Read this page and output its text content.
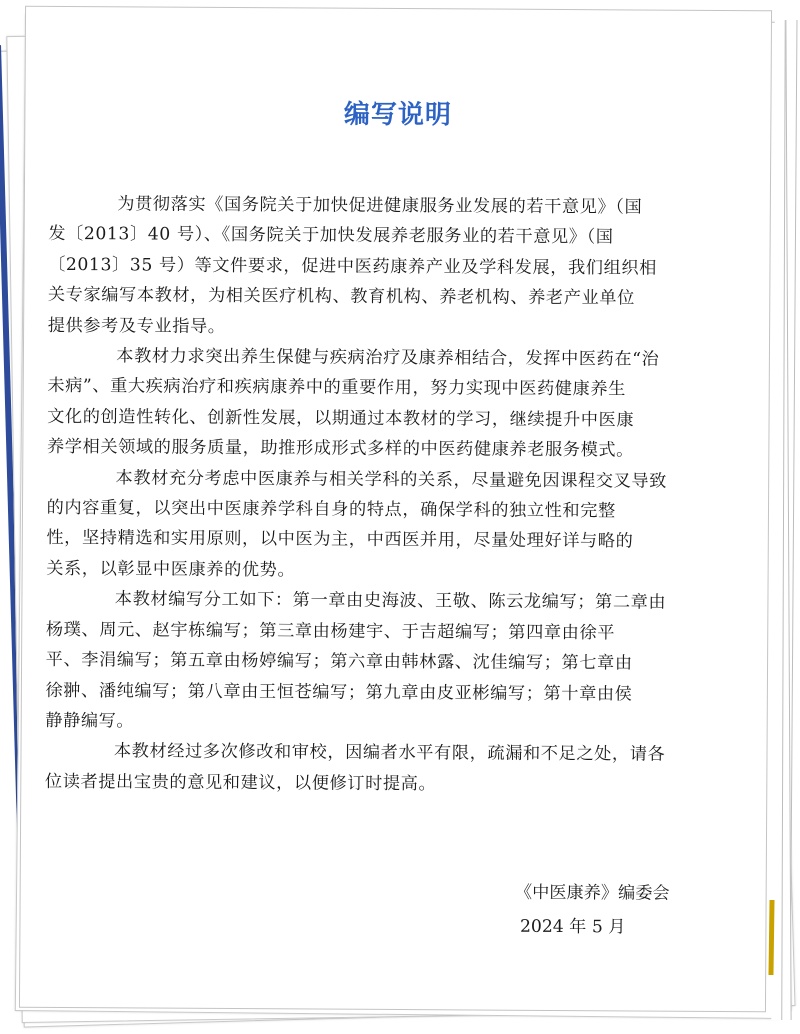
编写说明

为贯彻落实《国务院关于加快促进健康服务业发展的若干意见》（国
发〔2013〕40 号）、《国务院关于加快发展养老服务业的若干意见》（国
〔2013〕35 号）等文件要求，促进中医药康养产业及学科发展，我们组织相
关专家编写本教材，为相关医疗机构、教育机构、养老机构、养老产业单位
提供参考及专业指导。

本教材力求突出养生保健与疾病治疗及康养相结合，发挥中医药在“治
未病”、重大疾病治疗和疾病康养中的重要作用，努力实现中医药健康养生
文化的创造性转化、创新性发展，以期通过本教材的学习，继续提升中医康
养学相关领域的服务质量，助推形成形式多样的中医药健康养老服务模式。

本教材充分考虑中医康养与相关学科的关系，尽量避免因课程交叉导致
的内容重复，以突出中医康养学科自身的特点，确保学科的独立性和完整
性，坚持精选和实用原则，以中医为主，中西医并用，尽量处理好详与略的
关系，以彰显中医康养的优势。

本教材编写分工如下：第一章由史海波、王敬、陈云龙编写；第二章由
杨璞、周元、赵宇栋编写；第三章由杨建宇、于吉超编写；第四章由徐平
平、李涓编写；第五章由杨婷编写；第六章由韩林露、沈佳编写；第七章由
徐翀、潘纯编写；第八章由王恒苍编写；第九章由皮亚彬编写；第十章由侯
静静编写。

本教材经过多次修改和审校，因编者水平有限，疏漏和不足之处，请各
位读者提出宝贵的意见和建议，以便修订时提高。

《中医康养》编委会
2024 年 5 月
